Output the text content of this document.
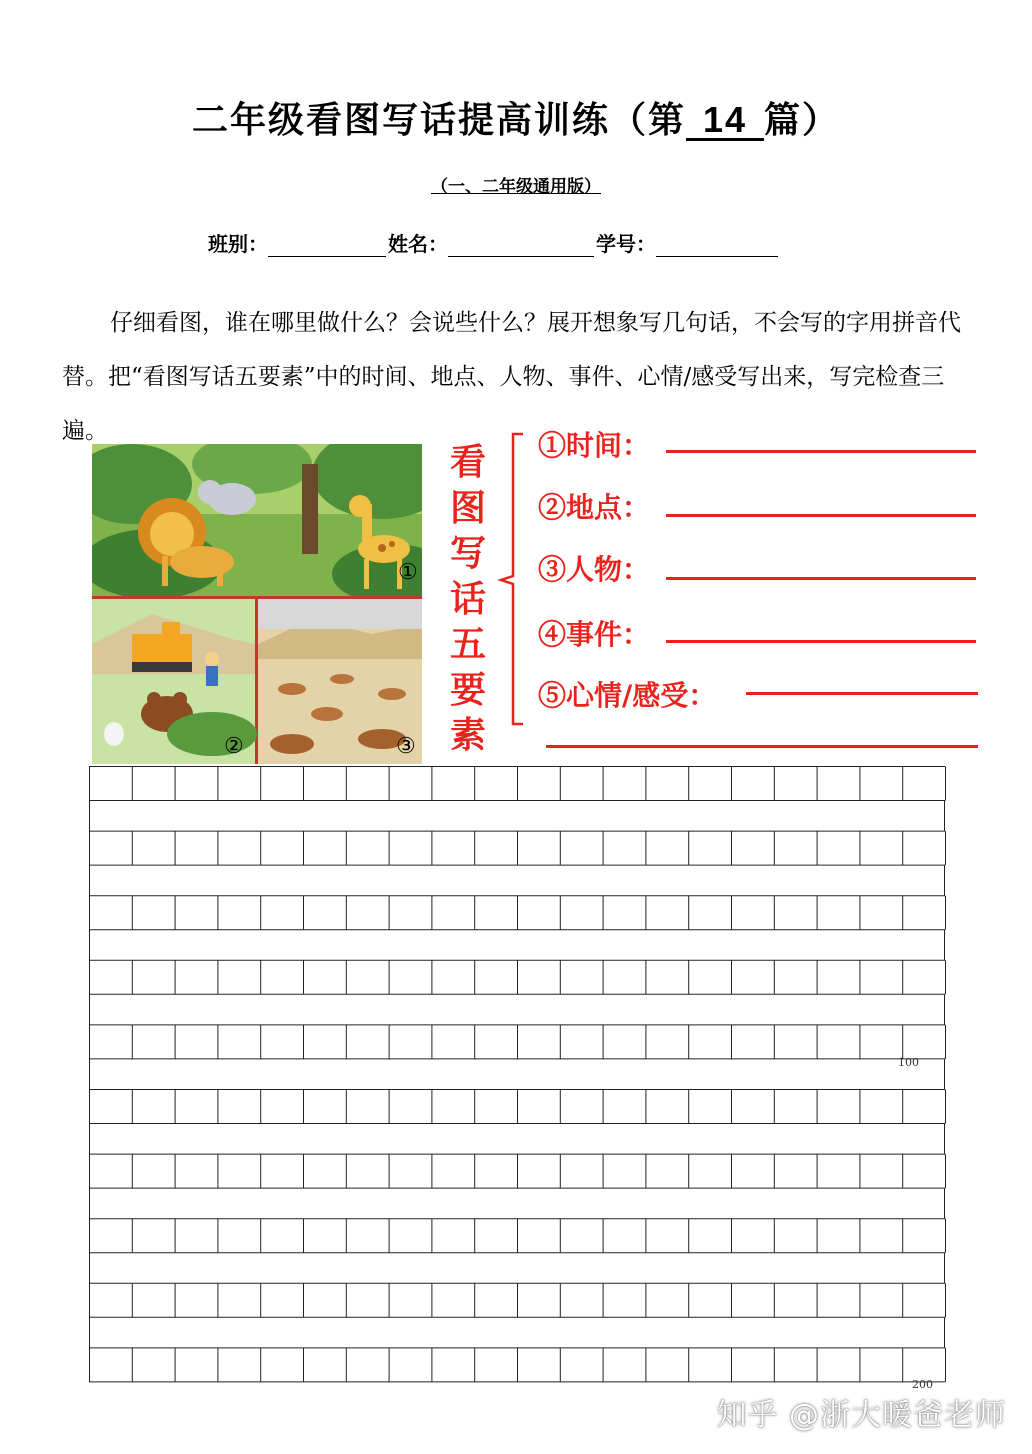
二年级看图写话提高训练（第 14 篇）
（一、二年级通用版）
班别：	姓名：	学号：
仔细看图，谁在哪里做什么？会说些什么？展开想象写几句话，不会写的字用拼音代替。把“看图写话五要素”中的时间、地点、人物、事件、心情/感受写出来，写完检查三遍。
①
②	③
看图写话五要素
①时间：
②地点：
③人物：
④事件：
⑤心情/感受：
100
200
知乎 @浙大暖爸老师
